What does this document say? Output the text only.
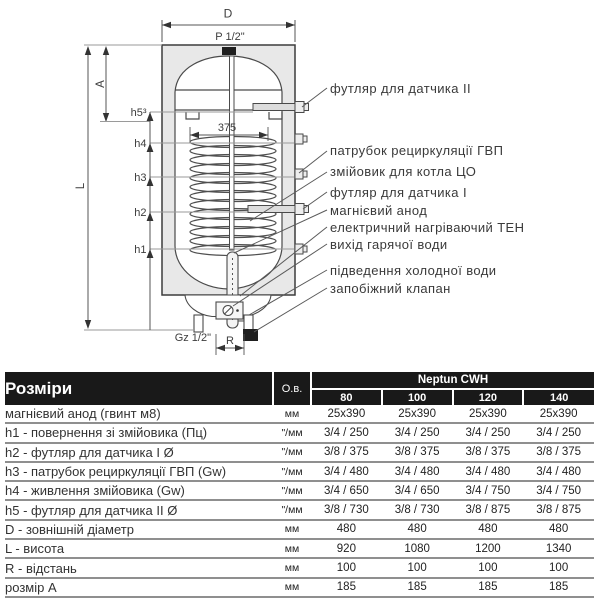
D
P 1/2"
A
L
h5³
h4
h3
h2
h1
375
Gz 1/2" R
Розміри	О.в.	Neptun CWH			
		80	100	120	140
магнієвий анод (гвинт м8)	мм	25x390	25x390	25x390	25x390
h1 - повернення зі змійовика (Пц)	"/мм	3/4 / 250	3/4 / 250	3/4 / 250	3/4 / 250
h2 - футляр для датчика I Ø	"/мм	3/8 / 375	3/8 / 375	3/8 / 375	3/8 / 375
h3 - патрубок рециркуляції ГВП (Gw)	"/мм	3/4 / 480	3/4 / 480	3/4 / 480	3/4 / 480
h4 - живлення змійовика (Gw)	"/мм	3/4 / 650	3/4 / 650	3/4 / 750	3/4 / 750
h5 - футляр для датчика II Ø	"/мм	3/8 / 730	3/8 / 730	3/8 / 875	3/8 / 875
D - зовнішній діаметр	мм	480	480	480	480
L - висота	мм	920	1080	1200	1340
R - відстань	мм	100	100	100	100
розмір A	мм	185	185	185	185
футляр для датчика II
патрубок рециркуляції ГВП
змійовик для котла ЦО
футляр для датчика I
магнієвий анод
електричний нагріваючий ТЕН
вихід гарячої води
підведення холодної води
запобіжний клапан
